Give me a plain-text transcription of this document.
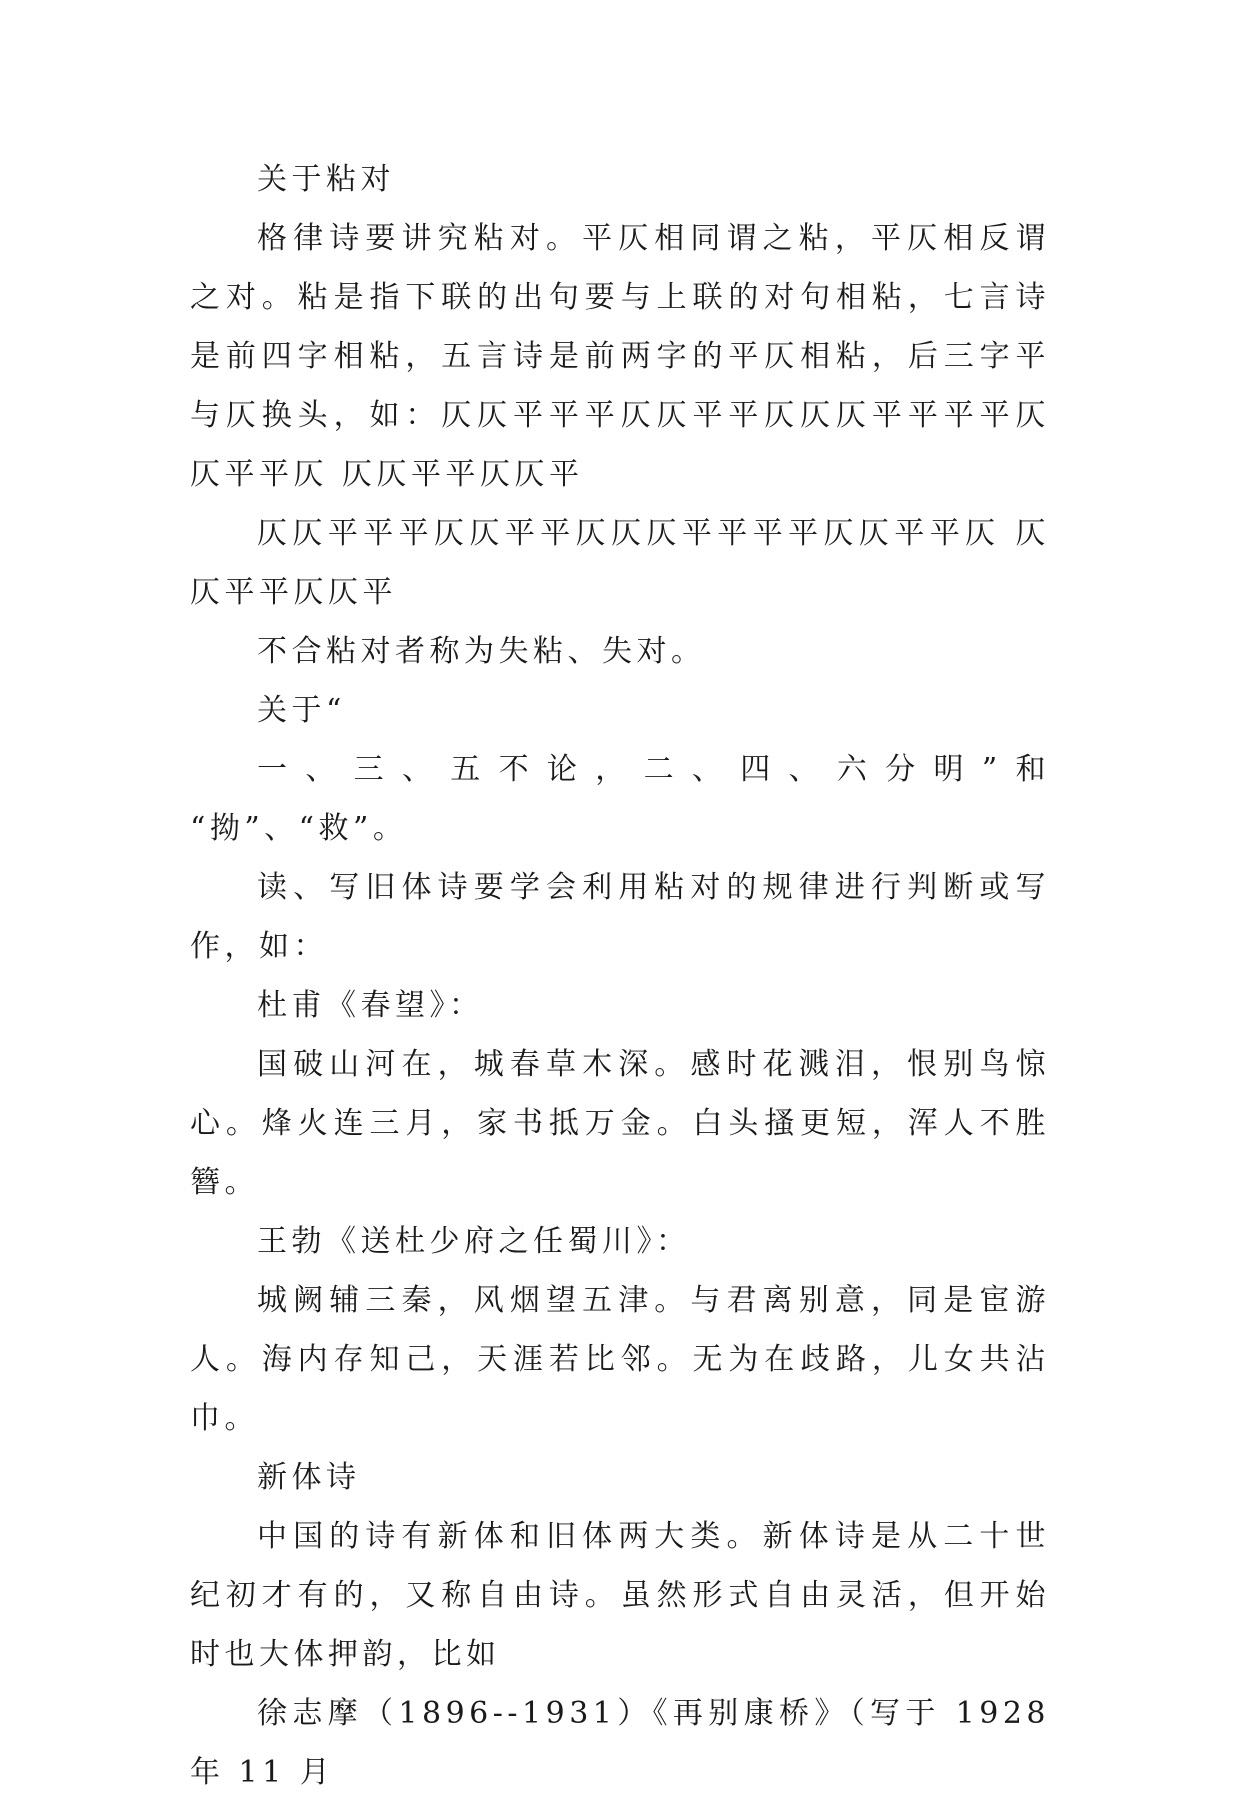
关于粘对

格律诗要讲究粘对。平仄相同谓之粘，平仄相反谓之对。粘是指下联的出句要与上联的对句相粘，七言诗是前四字相粘，五言诗是前两字的平仄相粘，后三字平与仄换头，如：仄仄平平平仄仄平平仄仄仄平平平平仄仄平平仄 仄仄平平仄仄平

仄仄平平平仄仄平平仄仄仄平平平平仄仄平平仄 仄仄平平仄仄平

不合粘对者称为失粘、失对。

关于“

一、三、五不论，二、四、六分明”和 “拗”、“救”。

读、写旧体诗要学会利用粘对的规律进行判断或写作，如：

杜甫《春望》：

国破山河在，城春草木深。感时花溅泪，恨别鸟惊心。烽火连三月，家书抵万金。白头搔更短，浑人不胜簪。

王勃《送杜少府之任蜀川》：

城阙辅三秦，风烟望五津。与君离别意，同是宦游人。海内存知己，天涯若比邻。无为在歧路，儿女共沾巾。

新体诗

中国的诗有新体和旧体两大类。新体诗是从二十世纪初才有的，又称自由诗。虽然形式自由灵活，但开始时也大体押韵，比如

徐志摩（1896--1931）《再别康桥》（写于 1928 年 11 月
